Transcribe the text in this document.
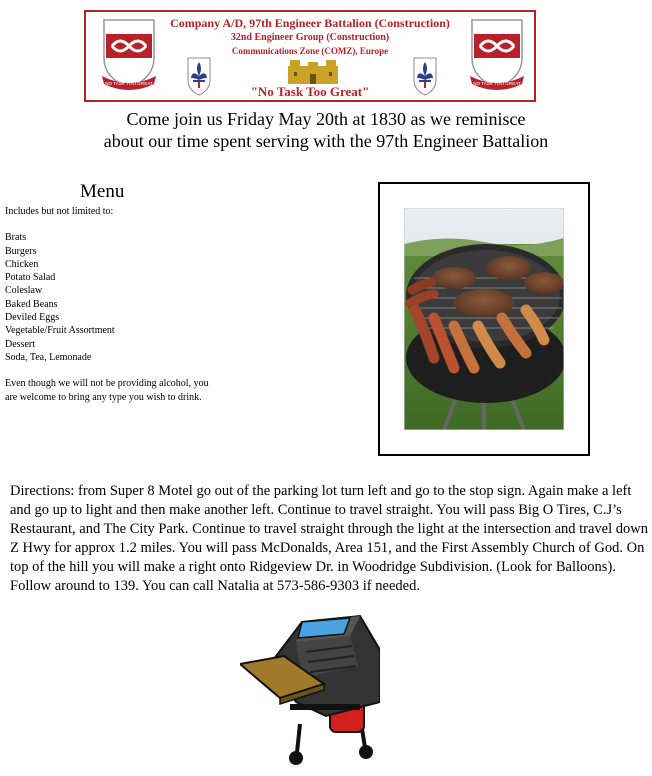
NO TASK TOO GREAT	NO TASK TOO GREAT
Company A/D, 97th Engineer Battalion (Construction)
32nd Engineer Group (Construction)
Communications Zone (COMZ), Europe
"No Task Too Great"
Come join us Friday May 20th at 1830 as we reminisce
about our time spent serving with the 97th Engineer Battalion
Menu
Includes but not limited to:
Brats
Burgers
Chicken
Potato Salad
Coleslaw
Baked Beans
Deviled Eggs
Vegetable/Fruit Assortment
Dessert
Soda, Tea, Lemonade
Even though we will not be providing alcohol, you are welcome to bring any type you wish to drink.
Directions: from Super 8 Motel go out of the parking lot turn left and go to the stop sign. Again make a left and go up to light and then make another left. Continue to travel straight. You will pass Big O Tires, C.J’s Restaurant, and The City Park. Continue to travel straight through the light at the intersection and travel down Z Hwy for approx 1.2 miles. You will pass McDonalds, Area 151, and the First Assembly Church of God. On top of the hill you will make a right onto Ridgeview Dr. in Woodridge Subdivision. (Look for Balloons). Follow around to 139. You can call Natalia at 573-586-9303 if needed.
